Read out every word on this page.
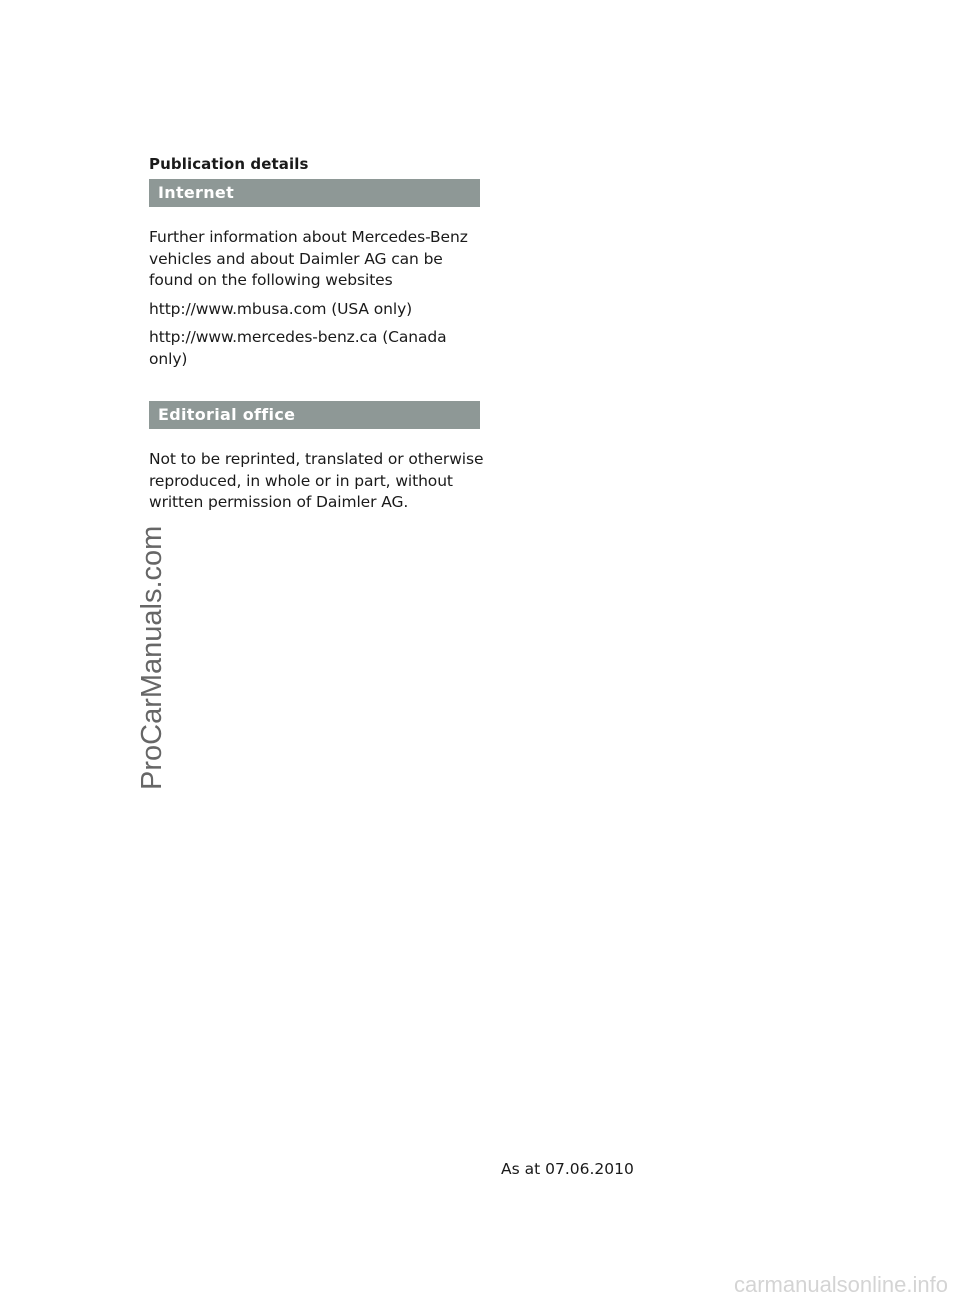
Publication details
Internet

Further information about Mercedes-Benz vehicles and about Daimler AG can be found on the following websites

http://www.mbusa.com (USA only)

http://www.mercedes-benz.ca (Canada only)

Editorial office

Not to be reprinted, translated or otherwise reproduced, in whole or in part, without written permission of Daimler AG.

As at 07.06.2010
ProCarManuals.com
carmanualsonline.info
